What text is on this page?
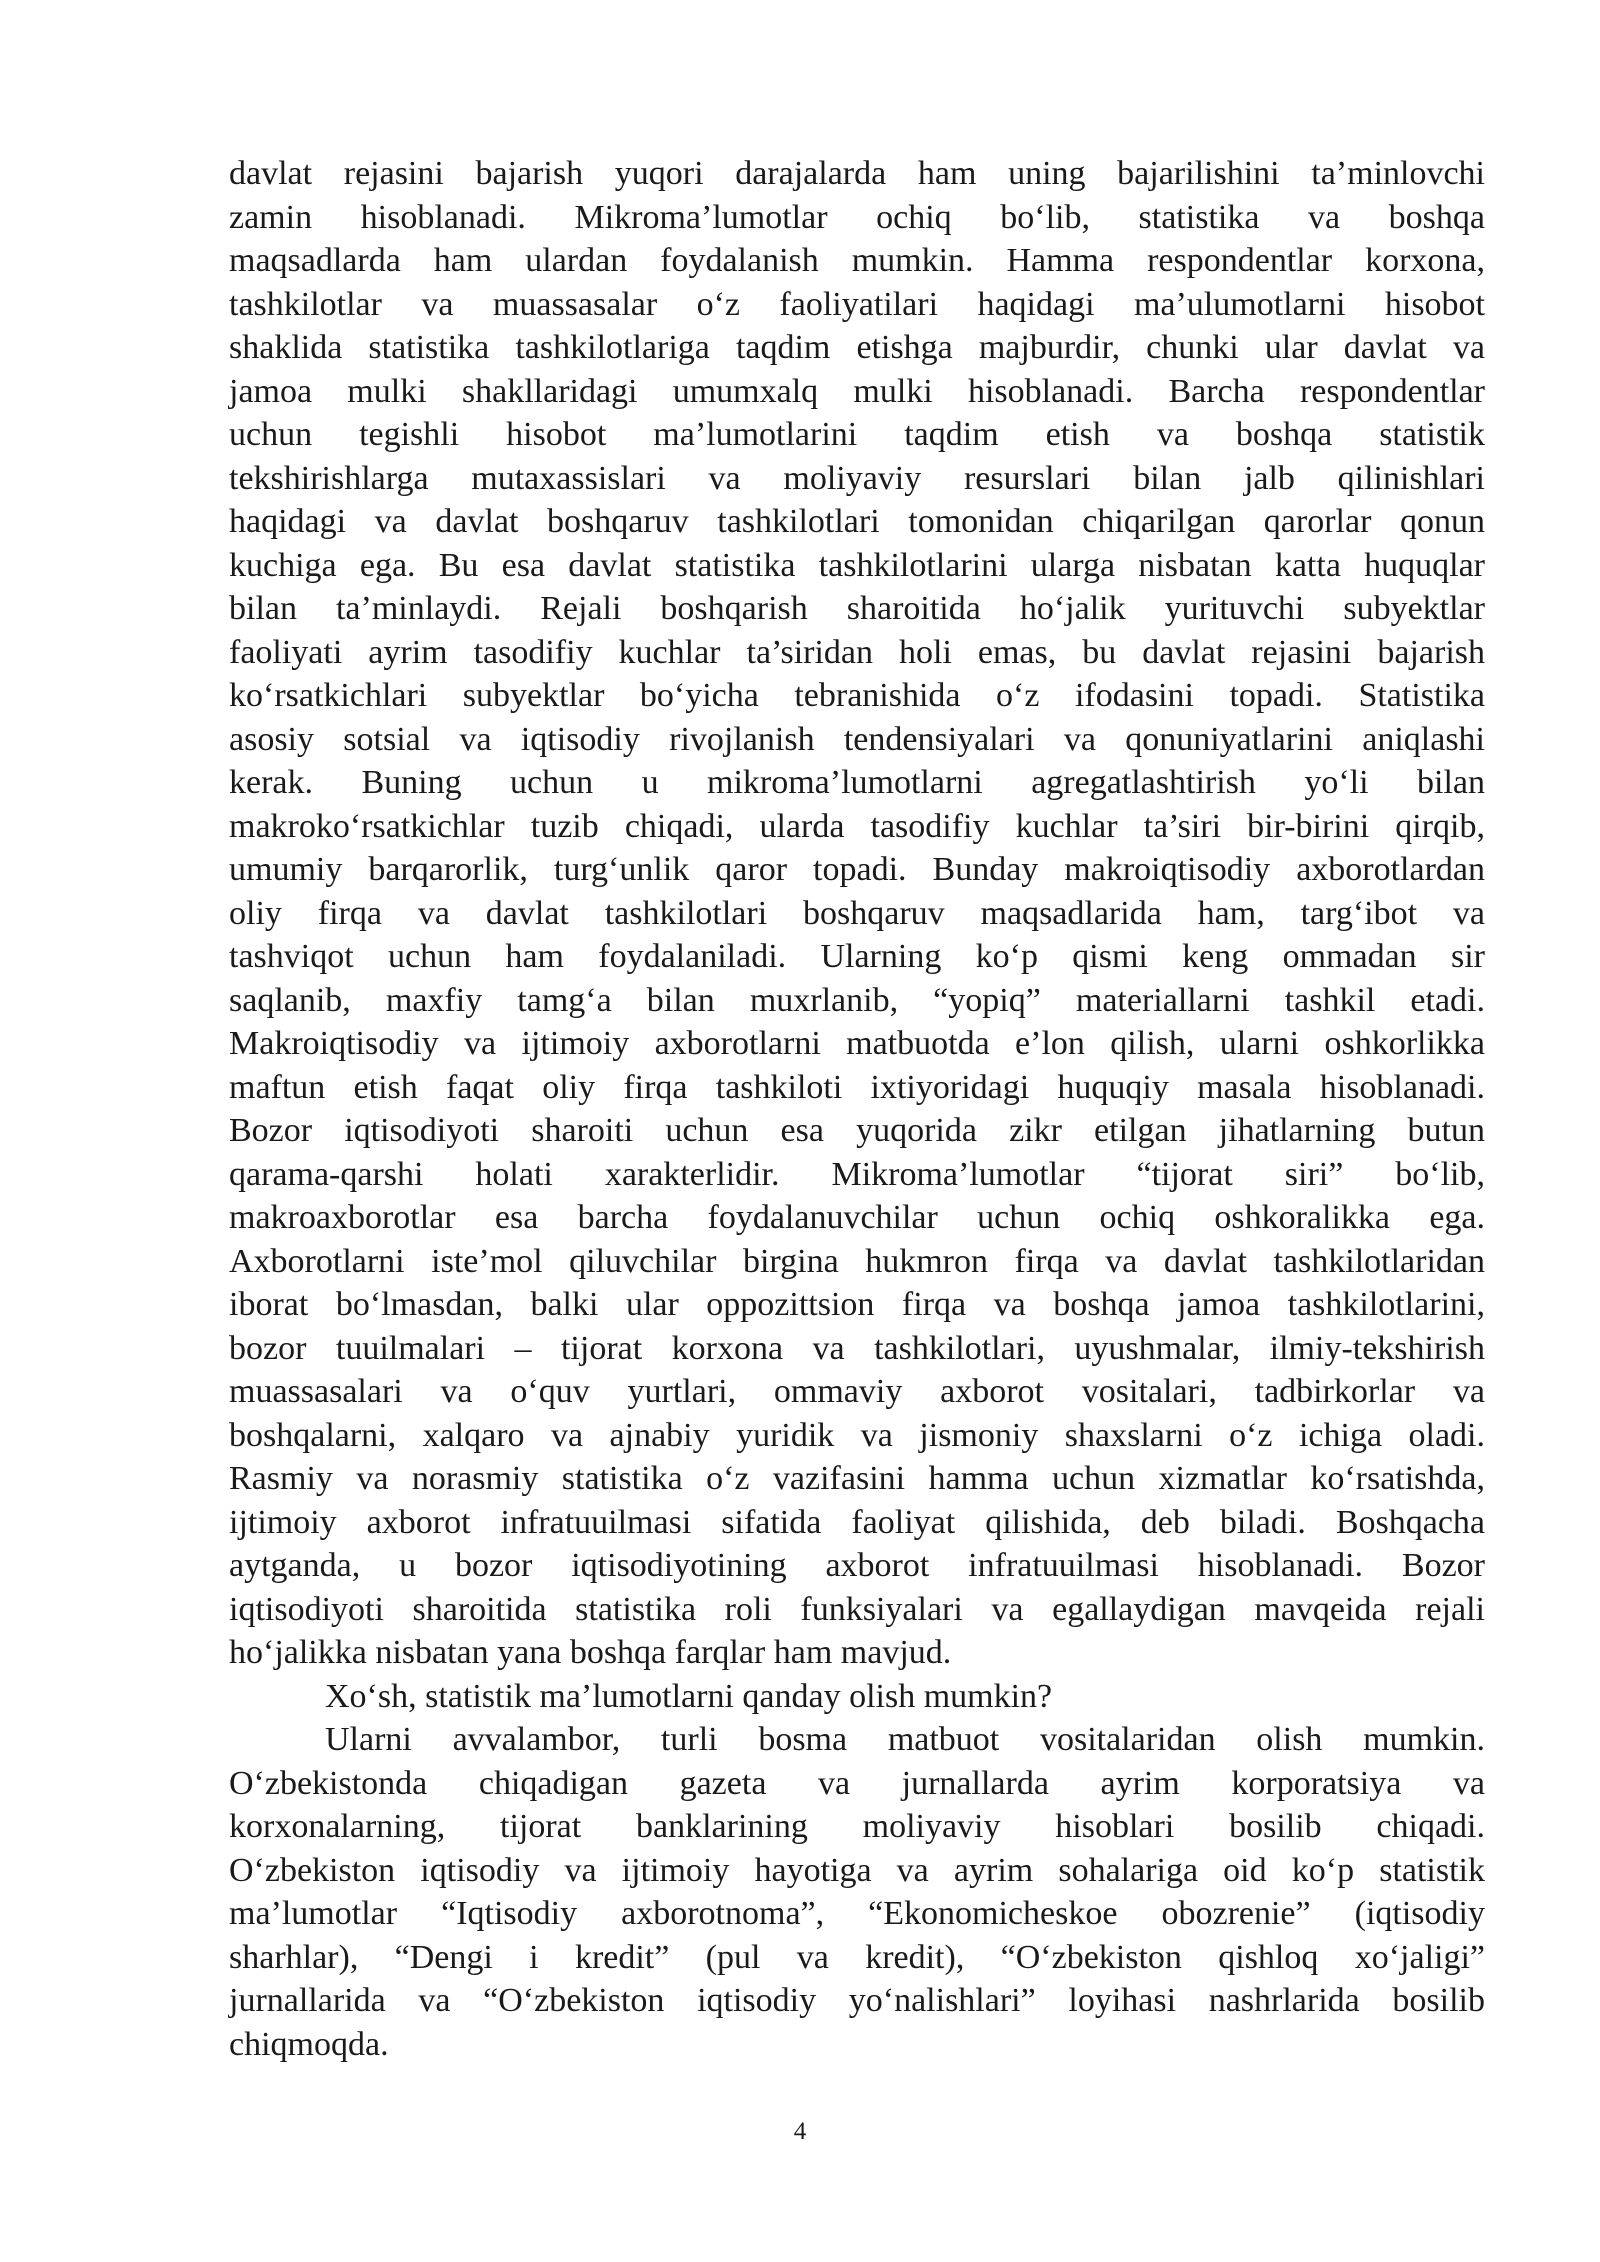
davlat rejasini bajarish yuqori darajalarda ham uning bajarilishini ta’minlovchi
zamin hisoblanadi. Mikroma’lumotlar ochiq bo‘lib, statistika va boshqa
maqsadlarda ham ulardan foydalanish mumkin. Hamma respondentlar korxona,
tashkilotlar va muassasalar o‘z faoliyatilari haqidagi ma’ulumotlarni hisobot
shaklida statistika tashkilotlariga taqdim etishga majburdir, chunki ular davlat va
jamoa mulki shakllaridagi umumxalq mulki hisoblanadi. Barcha respondentlar
uchun tegishli hisobot ma’lumotlarini taqdim etish va boshqa statistik
tekshirishlarga mutaxassislari va moliyaviy resurslari bilan jalb qilinishlari
haqidagi va davlat boshqaruv tashkilotlari tomonidan chiqarilgan qarorlar qonun
kuchiga ega. Bu esa davlat statistika tashkilotlarini ularga nisbatan katta huquqlar
bilan ta’minlaydi. Rejali boshqarish sharoitida ho‘jalik yurituvchi subyektlar
faoliyati ayrim tasodifiy kuchlar ta’siridan holi emas, bu davlat rejasini bajarish
ko‘rsatkichlari subyektlar bo‘yicha tebranishida o‘z ifodasini topadi. Statistika
asosiy sotsial va iqtisodiy rivojlanish tendensiyalari va qonuniyatlarini aniqlashi
kerak. Buning uchun u mikroma’lumotlarni agregatlashtirish yo‘li bilan
makroko‘rsatkichlar tuzib chiqadi, ularda tasodifiy kuchlar ta’siri bir-birini qirqib,
umumiy barqarorlik, turg‘unlik qaror topadi. Bunday makroiqtisodiy axborotlardan
oliy firqa va davlat tashkilotlari boshqaruv maqsadlarida ham, targ‘ibot va
tashviqot uchun ham foydalaniladi. Ularning ko‘p qismi keng ommadan sir
saqlanib, maxfiy tamg‘a bilan muxrlanib, “yopiq” materiallarni tashkil etadi.
Makroiqtisodiy va ijtimoiy axborotlarni matbuotda e’lon qilish, ularni oshkorlikka
maftun etish faqat oliy firqa tashkiloti ixtiyoridagi huquqiy masala hisoblanadi.
Bozor iqtisodiyoti sharoiti uchun esa yuqorida zikr etilgan jihatlarning butun
qarama-qarshi holati xarakterlidir. Mikroma’lumotlar “tijorat siri” bo‘lib,
makroaxborotlar esa barcha foydalanuvchilar uchun ochiq oshkoralikka ega.
Axborotlarni iste’mol qiluvchilar birgina hukmron firqa va davlat tashkilotlaridan
iborat bo‘lmasdan, balki ular oppozittsion firqa va boshqa jamoa tashkilotlarini,
bozor tuuilmalari – tijorat korxona va tashkilotlari, uyushmalar, ilmiy-tekshirish
muassasalari va o‘quv yurtlari, ommaviy axborot vositalari, tadbirkorlar va
boshqalarni, xalqaro va ajnabiy yuridik va jismoniy shaxslarni o‘z ichiga oladi.
Rasmiy va norasmiy statistika o‘z vazifasini hamma uchun xizmatlar ko‘rsatishda,
ijtimoiy axborot infratuuilmasi sifatida faoliyat qilishida, deb biladi. Boshqacha
aytganda, u bozor iqtisodiyotining axborot infratuuilmasi hisoblanadi. Bozor
iqtisodiyoti sharoitida statistika roli funksiyalari va egallaydigan mavqeida rejali
ho‘jalikka nisbatan yana boshqa farqlar ham mavjud.
Xo‘sh, statistik ma’lumotlarni qanday olish mumkin?
Ularni avvalambor, turli bosma matbuot vositalaridan olish mumkin.
O‘zbekistonda chiqadigan gazeta va jurnallarda ayrim korporatsiya va
korxonalarning, tijorat banklarining moliyaviy hisoblari bosilib chiqadi.
O‘zbekiston iqtisodiy va ijtimoiy hayotiga va ayrim sohalariga oid ko‘p statistik
ma’lumotlar “Iqtisodiy axborotnoma”, “Ekonomicheskoe obozrenie” (iqtisodiy
sharhlar), “Dengi i kredit” (pul va kredit), “O‘zbekiston qishloq xo‘jaligi”
jurnallarida va “O‘zbekiston iqtisodiy yo‘nalishlari” loyihasi nashrlarida bosilib
chiqmoqda.
4
